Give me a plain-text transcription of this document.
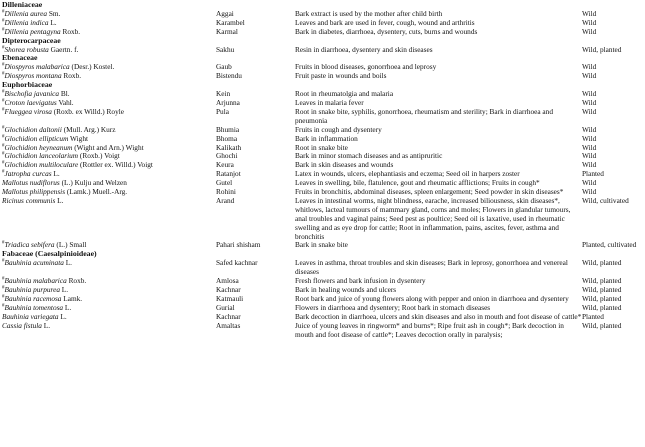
Dilleniaceae			
#Dillenia aurea Sm.	Aggai	Bark extract is used by the mother after child birth	Wild
#Dillenia indica L.	Karambel	Leaves and bark are used in fever, cough, wound and arthritis	Wild
#Dillenia pentagyna Roxb.	Karmal	Bark in diabetes, diarrhoea, dysentery, cuts, burns and wounds	Wild
Dipterocarpaceae			
#Shorea robusta Gaertn. f.	Sakhu	Resin in diarrhoea, dysentery and skin diseases	Wild, planted
Ebenaceae			
#Diospyros malabarica (Desr.) Kostel.	Gaub	Fruits in blood diseases, gonorrhoea and leprosy	Wild
#Diospyros montana Roxb.	Bistendu	Fruit paste in wounds and boils	Wild
Euphorbiaceae			
#Bischofia javanica Bl.	Kein	Root in rheumatolgia and malaria	Wild
#Croton laevigatus Vahl.	Arjunna	Leaves in malaria fever	Wild
#Flueggea virosa (Roxb. ex Willd.) Royle	Pula	Root in snake bite, syphilis, gonorrhoea, rheumatism and sterility; Bark in diarrhoea and pneumonia	Wild
#Glochidion daltonii (Mull. Arg.) Kurz	Bhumia	Fruits in cough and dysentery	Wild
#Glochidion ellipticum Wight	Bhoma	Bark in inflammation	Wild
#Glochidion heyneanum (Wight and Arn.) Wight	Kalikath	Root in snake bite	Wild
#Glochidion lanceolarium (Roxb.) Voigt	Ghochi	Bark in minor stomach diseases and as antipruritic	Wild
#Glochidion multiloculare (Rottler ex. Willd.) Voigt	Keura	Bark in skin diseases and wounds	Wild
#Jatropha curcas L.	Ratanjot	Latex in wounds, ulcers, elephantiasis and eczema; Seed oil in harpers zoster	Planted
Mallotus nudiflorus (L.) Kulju and Welzen	Gutel	Leaves in swelling, bile, flatulence, gout and rheumatic afflictions; Fruits in cough*	Wild
Mallotus philippensis (Lamk.) Muell.-Arg.	Rohini	Fruits in bronchitis, abdominal diseases, spleen enlargement; Seed powder in skin diseases*	Wild
Ricinus communis L.	Arand	Leaves in intestinal worms, night blindness, earache, increased biliousness, skin diseases*, whitlows, lacteal tumours of mammary gland, corns and moles; Flowers in glandular tumours, anal troubles and vaginal pains; Seed pest as poultice; Seed oil is laxative, used in rheumatic swelling and as eye drop for cattle; Root in inflammation, pains, ascites, fever, asthma and bronchitis	Wild, cultivated
#Triadica sebifera (L.) Small	Pahari shisham	Bark in snake bite	Planted, cultivated
Fabaceae (Caesalpinioideae)			
#Bauhinia acuminata L.	Safed kachnar	Leaves in asthma, throat troubles and skin diseases; Bark in leprosy, gonorrhoea and venereal diseases	Wild, planted
#Bauhinia malabarica Roxb.	Amlosa	Fresh flowers and bark infusion in dysentery	Wild, planted
#Bauhinia purpurea L.	Kachnar	Bark in healing wounds and ulcers	Wild, planted
#Bauhinia racemosa Lamk.	Katmauli	Root bark and juice of young flowers along with pepper and onion in diarrhoea and dysentery	Wild, planted
#Bauhinia tomentosa L.	Gurial	Flowers in diarrhoea and dysentery; Root bark in stomach diseases	Wild, planted
Bauhinia variegata L.	Kachnar	Bark decoction in diarrhoea, ulcers and skin diseases and also in mouth and foot disease of cattle*	Planted
Cassia fistula L.	Amaltas	Juice of young leaves in ringworm* and burns*; Ripe fruit ash in cough*; Bark decoction in mouth and foot disease of cattle*; Leaves decoction orally in paralysis;	Wild, planted
